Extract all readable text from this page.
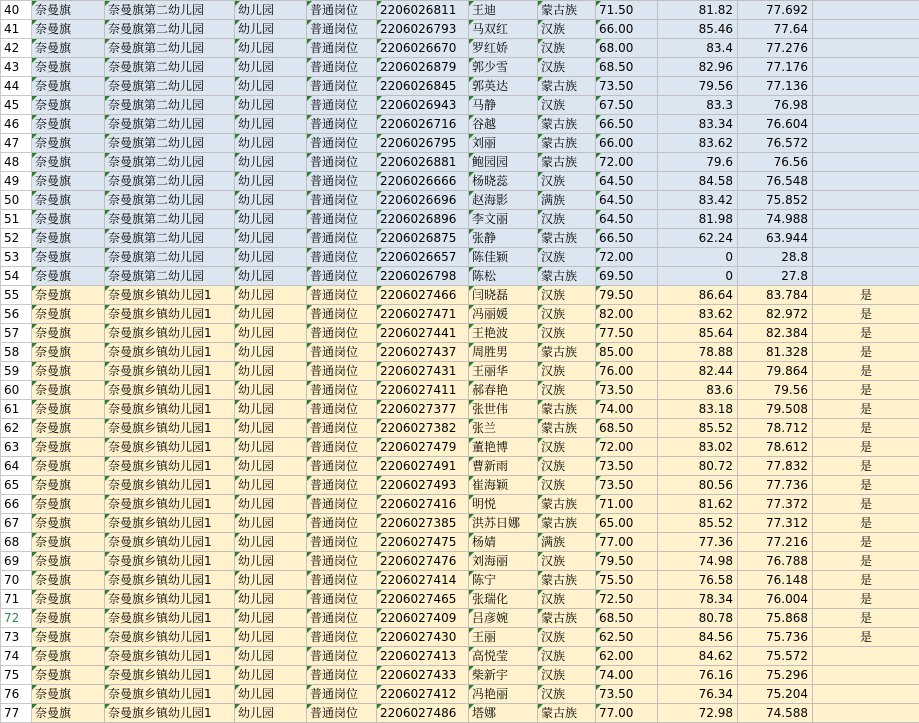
40	奈曼旗	奈曼旗第二幼儿园	幼儿园	普通岗位	2206026811	王迪	蒙古族	71.50	81.82	77.692	
41	奈曼旗	奈曼旗第二幼儿园	幼儿园	普通岗位	2206026793	马双红	汉族	66.00	85.46	77.64	
42	奈曼旗	奈曼旗第二幼儿园	幼儿园	普通岗位	2206026670	罗红娇	汉族	68.00	83.4	77.276	
43	奈曼旗	奈曼旗第二幼儿园	幼儿园	普通岗位	2206026879	郭少雪	汉族	68.50	82.96	77.176	
44	奈曼旗	奈曼旗第二幼儿园	幼儿园	普通岗位	2206026845	郭英达	蒙古族	73.50	79.56	77.136	
45	奈曼旗	奈曼旗第二幼儿园	幼儿园	普通岗位	2206026943	马静	汉族	67.50	83.3	76.98	
46	奈曼旗	奈曼旗第二幼儿园	幼儿园	普通岗位	2206026716	谷越	蒙古族	66.50	83.34	76.604	
47	奈曼旗	奈曼旗第二幼儿园	幼儿园	普通岗位	2206026795	刘丽	蒙古族	66.00	83.62	76.572	
48	奈曼旗	奈曼旗第二幼儿园	幼儿园	普通岗位	2206026881	鲍园园	蒙古族	72.00	79.6	76.56	
49	奈曼旗	奈曼旗第二幼儿园	幼儿园	普通岗位	2206026666	杨晓蕊	汉族	64.50	84.58	76.548	
50	奈曼旗	奈曼旗第二幼儿园	幼儿园	普通岗位	2206026696	赵海影	满族	64.50	83.42	75.852	
51	奈曼旗	奈曼旗第二幼儿园	幼儿园	普通岗位	2206026896	李文丽	汉族	64.50	81.98	74.988	
52	奈曼旗	奈曼旗第二幼儿园	幼儿园	普通岗位	2206026875	张静	蒙古族	66.50	62.24	63.944	
53	奈曼旗	奈曼旗第二幼儿园	幼儿园	普通岗位	2206026657	陈佳颖	汉族	72.00	0	28.8	
54	奈曼旗	奈曼旗第二幼儿园	幼儿园	普通岗位	2206026798	陈松	蒙古族	69.50	0	27.8	
55	奈曼旗	奈曼旗乡镇幼儿园1	幼儿园	普通岗位	2206027466	闫晓磊	汉族	79.50	86.64	83.784	是
56	奈曼旗	奈曼旗乡镇幼儿园1	幼儿园	普通岗位	2206027471	冯丽媛	汉族	82.00	83.62	82.972	是
57	奈曼旗	奈曼旗乡镇幼儿园1	幼儿园	普通岗位	2206027441	王艳波	汉族	77.50	85.64	82.384	是
58	奈曼旗	奈曼旗乡镇幼儿园1	幼儿园	普通岗位	2206027437	周胜男	蒙古族	85.00	78.88	81.328	是
59	奈曼旗	奈曼旗乡镇幼儿园1	幼儿园	普通岗位	2206027431	王丽华	汉族	76.00	82.44	79.864	是
60	奈曼旗	奈曼旗乡镇幼儿园1	幼儿园	普通岗位	2206027411	郝春艳	汉族	73.50	83.6	79.56	是
61	奈曼旗	奈曼旗乡镇幼儿园1	幼儿园	普通岗位	2206027377	张世伟	蒙古族	74.00	83.18	79.508	是
62	奈曼旗	奈曼旗乡镇幼儿园1	幼儿园	普通岗位	2206027382	张兰	蒙古族	68.50	85.52	78.712	是
63	奈曼旗	奈曼旗乡镇幼儿园1	幼儿园	普通岗位	2206027479	董艳博	汉族	72.00	83.02	78.612	是
64	奈曼旗	奈曼旗乡镇幼儿园1	幼儿园	普通岗位	2206027491	曹新雨	汉族	73.50	80.72	77.832	是
65	奈曼旗	奈曼旗乡镇幼儿园1	幼儿园	普通岗位	2206027493	崔海颖	汉族	73.50	80.56	77.736	是
66	奈曼旗	奈曼旗乡镇幼儿园1	幼儿园	普通岗位	2206027416	明悦	蒙古族	71.00	81.62	77.372	是
67	奈曼旗	奈曼旗乡镇幼儿园1	幼儿园	普通岗位	2206027385	洪苏日娜	蒙古族	65.00	85.52	77.312	是
68	奈曼旗	奈曼旗乡镇幼儿园1	幼儿园	普通岗位	2206027475	杨婧	满族	77.00	77.36	77.216	是
69	奈曼旗	奈曼旗乡镇幼儿园1	幼儿园	普通岗位	2206027476	刘海丽	汉族	79.50	74.98	76.788	是
70	奈曼旗	奈曼旗乡镇幼儿园1	幼儿园	普通岗位	2206027414	陈宁	蒙古族	75.50	76.58	76.148	是
71	奈曼旗	奈曼旗乡镇幼儿园1	幼儿园	普通岗位	2206027465	张瑞化	汉族	72.50	78.34	76.004	是
72	奈曼旗	奈曼旗乡镇幼儿园1	幼儿园	普通岗位	2206027409	吕彦婉	蒙古族	68.50	80.78	75.868	是
73	奈曼旗	奈曼旗乡镇幼儿园1	幼儿园	普通岗位	2206027430	王丽	汉族	62.50	84.56	75.736	是
74	奈曼旗	奈曼旗乡镇幼儿园1	幼儿园	普通岗位	2206027413	高悦莹	汉族	62.00	84.62	75.572	
75	奈曼旗	奈曼旗乡镇幼儿园1	幼儿园	普通岗位	2206027433	柴新宇	汉族	74.00	76.16	75.296	
76	奈曼旗	奈曼旗乡镇幼儿园1	幼儿园	普通岗位	2206027412	冯艳丽	汉族	73.50	76.34	75.204	
77	奈曼旗	奈曼旗乡镇幼儿园1	幼儿园	普通岗位	2206027486	塔娜	蒙古族	77.00	72.98	74.588	
